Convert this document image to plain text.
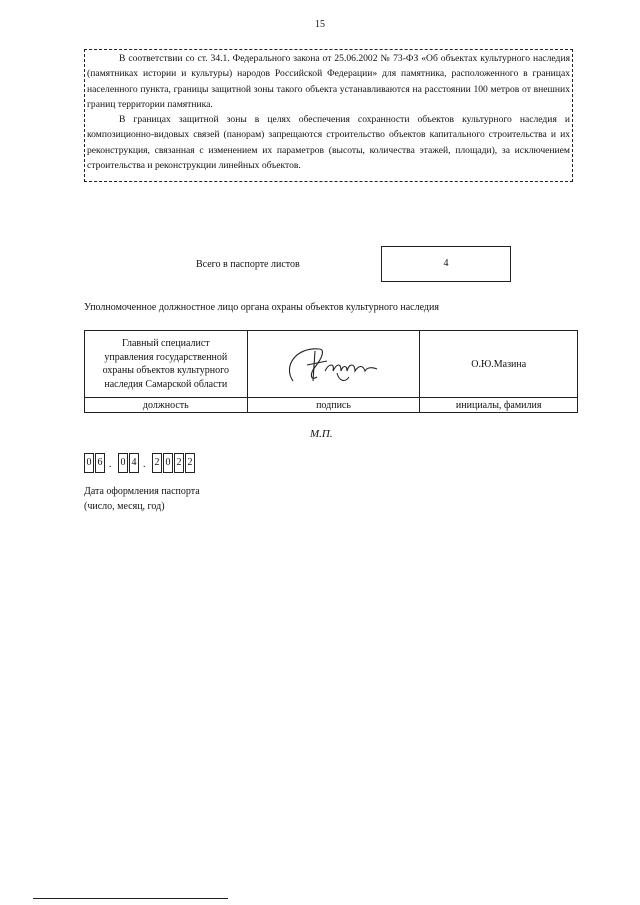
15

В соответствии со ст. 34.1. Федерального закона от 25.06.2002 № 73-ФЗ «Об объектах культурного наследия (памятниках истории и культуры) народов Российской Федерации» для памятника, расположенного в границах населенного пункта, границы защитной зоны такого объекта устанавливаются на расстоянии 100 метров от внешних границ территории памятника.

В границах защитной зоны в целях обеспечения сохранности объектов культурного наследия и композиционно-видовых связей (панорам) запрещаются строительство объектов капитального строительства и их реконструкция, связанная с изменением их параметров (высоты, количества этажей, площади), за исключением строительства и реконструкции линейных объектов.

Всего в паспорте листов	4
Уполномоченное должностное лицо органа охраны объектов культурного наследия
Главный специалист
управления государственной
охраны объектов культурного
наследия Самарской области		О.Ю.Мазина
должность	подпись	инициалы, фамилия
М.П.
0 6 . 0 4 . 2 0 2 2
Дата оформления паспорта
(число, месяц, год)
